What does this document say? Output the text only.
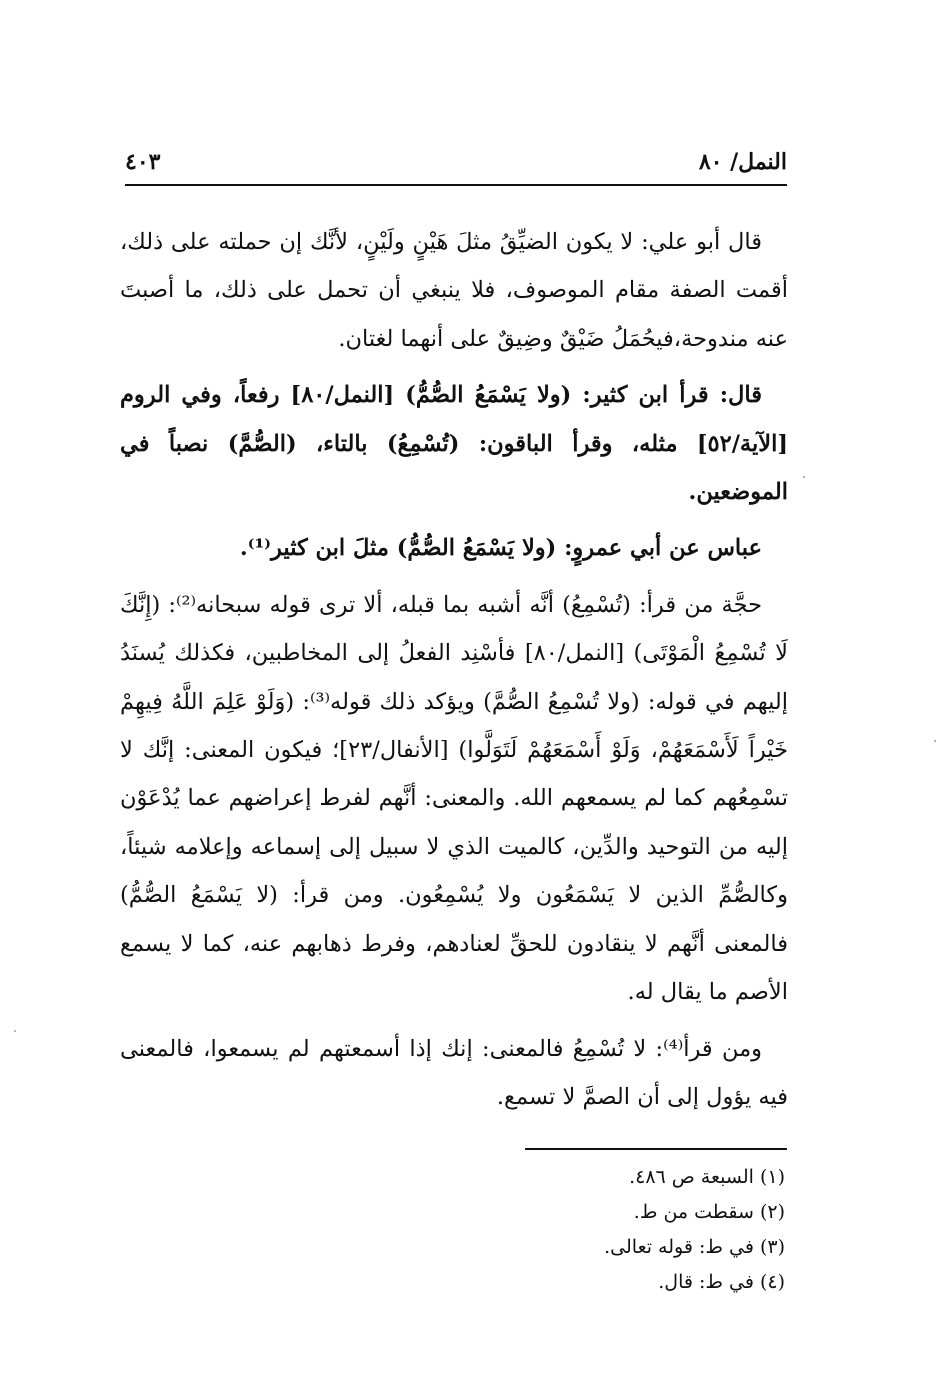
النمل/ ٨٠
٤٠٣

قال أبو علي: لا يكون الضيِّقُ مثلَ هَيْنٍ ولَيْنٍ، لأنَّك إن حملته على ذلك، أقمت الصفة مقام الموصوف، فلا ينبغي أن تحمل على ذلك، ما أصبتَ عنه مندوحة،فيحُمَلُ ضَيْقٌ وضِيقٌ على أنهما لغتان.

قال: قرأ ابن كثير: (ولا يَسْمَعُ الصُّمُّ) [النمل/٨٠] رفعاً، وفي الروم [الآية/٥٢] مثله، وقرأ الباقون: (تُسْمِعُ) بالتاء، (الصُّمَّ) نصباً في الموضعين.

عباس عن أبي عمروٍ: (ولا يَسْمَعُ الصُّمُّ) مثلَ ابن كثير⁽¹⁾.

حجَّة من قرأ: (تُسْمِعُ) أنَّه أشبه بما قبله، ألا ترى قوله سبحانه⁽²⁾: (إِنَّكَ لَا تُسْمِعُ الْمَوْتَى) [النمل/٨٠] فأسْنِد الفعلُ إلى المخاطبين، فكذلك يُسنَدُ إليهم في قوله: (ولا تُسْمِعُ الصُّمَّ) ويؤكد ذلك قوله⁽³⁾: (وَلَوْ عَلِمَ اللَّهُ فِيهِمْ خَيْراً لَأَسْمَعَهُمْ، وَلَوْ أَسْمَعَهُمْ لَتَوَلَّوا) [الأنفال/٢٣]؛ فيكون المعنى: إنَّك لا تسْمِعُهم كما لم يسمعهم الله. والمعنى: أنَّهم لفرط إعراضهم عما يُدْعَوْن إليه من التوحيد والدِّين، كالميت الذي لا سبيل إلى إسماعه وإعلامه شيئاً، وكالصُّمِّ الذين لا يَسْمَعُون ولا يُسْمِعُون. ومن قرأ: (لا يَسْمَعُ الصُّمُّ) فالمعنى أنَّهم لا ينقادون للحقِّ لعنادهم، وفرط ذهابهم عنه، كما لا يسمع الأصم ما يقال له.

ومن قرأ⁽⁴⁾: لا تُسْمِعُ فالمعنى: إنك إذا أسمعتهم لم يسمعوا، فالمعنى فيه يؤول إلى أن الصمَّ لا تسمع.

(١) السبعة ص ٤٨٦.
(٢) سقطت من ط.
(٣) في ط: قوله تعالى.
(٤) في ط: قال.
